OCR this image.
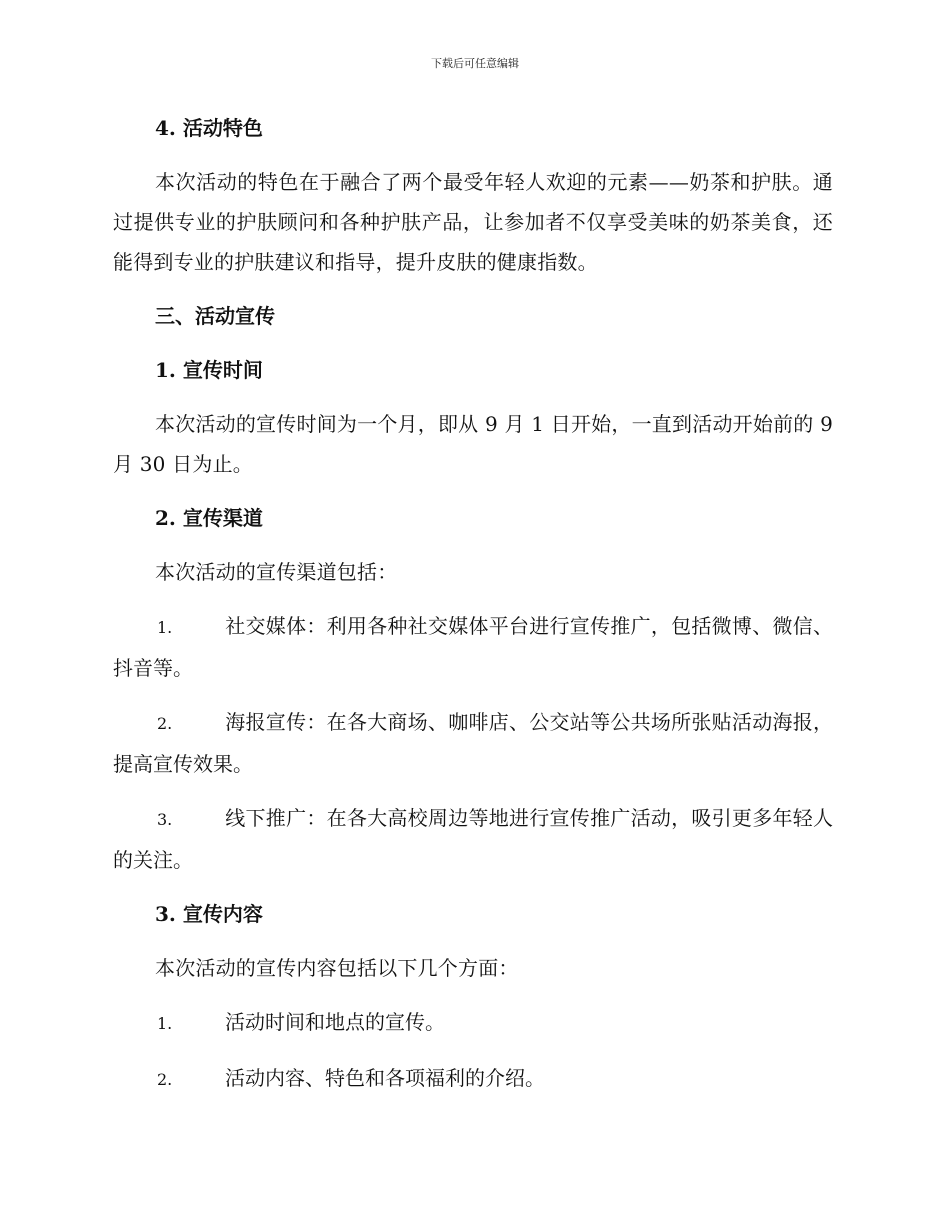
下载后可任意编辑
4. 活动特色
本次活动的特色在于融合了两个最受年轻人欢迎的元素——奶茶和护肤。通过提供专业的护肤顾问和各种护肤产品，让参加者不仅享受美味的奶茶美食，还能得到专业的护肤建议和指导，提升皮肤的健康指数。
三、活动宣传
1. 宣传时间
本次活动的宣传时间为一个月，即从 9 月 1 日开始，一直到活动开始前的 9 月 30 日为止。
2. 宣传渠道
本次活动的宣传渠道包括：
1.	社交媒体：利用各种社交媒体平台进行宣传推广，包括微博、微信、抖音等。
2.	海报宣传：在各大商场、咖啡店、公交站等公共场所张贴活动海报，提高宣传效果。
3.	线下推广：在各大高校周边等地进行宣传推广活动，吸引更多年轻人的关注。
3. 宣传内容
本次活动的宣传内容包括以下几个方面：
1.	活动时间和地点的宣传。
2.	活动内容、特色和各项福利的介绍。
